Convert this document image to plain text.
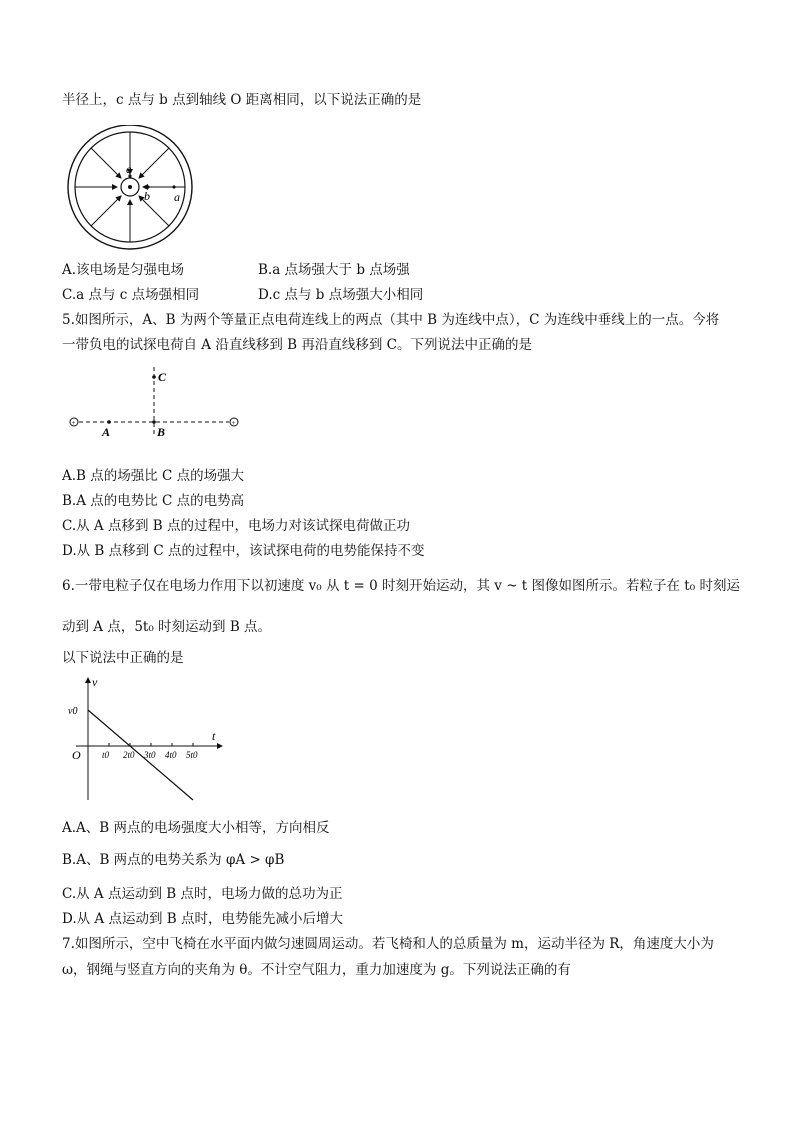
半径上，c 点与 b 点到轴线 O 距离相同，以下说法正确的是
c
b a
A.该电场是匀强电场	B.a 点场强大于 b 点场强
C.a 点与 c 点场强相同	D.c 点与 b 点场强大小相同
5.如图所示，A、B 为两个等量正点电荷连线上的两点（其中 B 为连线中点），C 为连线中垂线上的一点。今将
一带负电的试探电荷自 A 沿直线移到 B 再沿直线移到 C。下列说法中正确的是
+	+
C
A	B
A.B 点的场强比 C 点的场强大
B.A 点的电势比 C 点的电势高
C.从 A 点移到 B 点的过程中，电场力对该试探电荷做正功
D.从 B 点移到 C 点的过程中，该试探电荷的电势能保持不变
6.一带电粒子仅在电场力作用下以初速度 v₀ 从 t = 0 时刻开始运动，其 v ~ t 图像如图所示。若粒子在 t₀ 时刻运
动到 A 点，5t₀ 时刻运动到 B 点。
以下说法中正确的是
t
v
O
v0
t0 2t0 3t0 4t0 5t0
A.A、B 两点的电场强度大小相等，方向相反
B.A、B 两点的电势关系为 φA > φB
C.从 A 点运动到 B 点时，电场力做的总功为正
D.从 A 点运动到 B 点时，电势能先减小后增大
7.如图所示，空中飞椅在水平面内做匀速圆周运动。若飞椅和人的总质量为 m，运动半径为 R，角速度大小为
ω，钢绳与竖直方向的夹角为 θ。不计空气阻力，重力加速度为 g。下列说法正确的有
